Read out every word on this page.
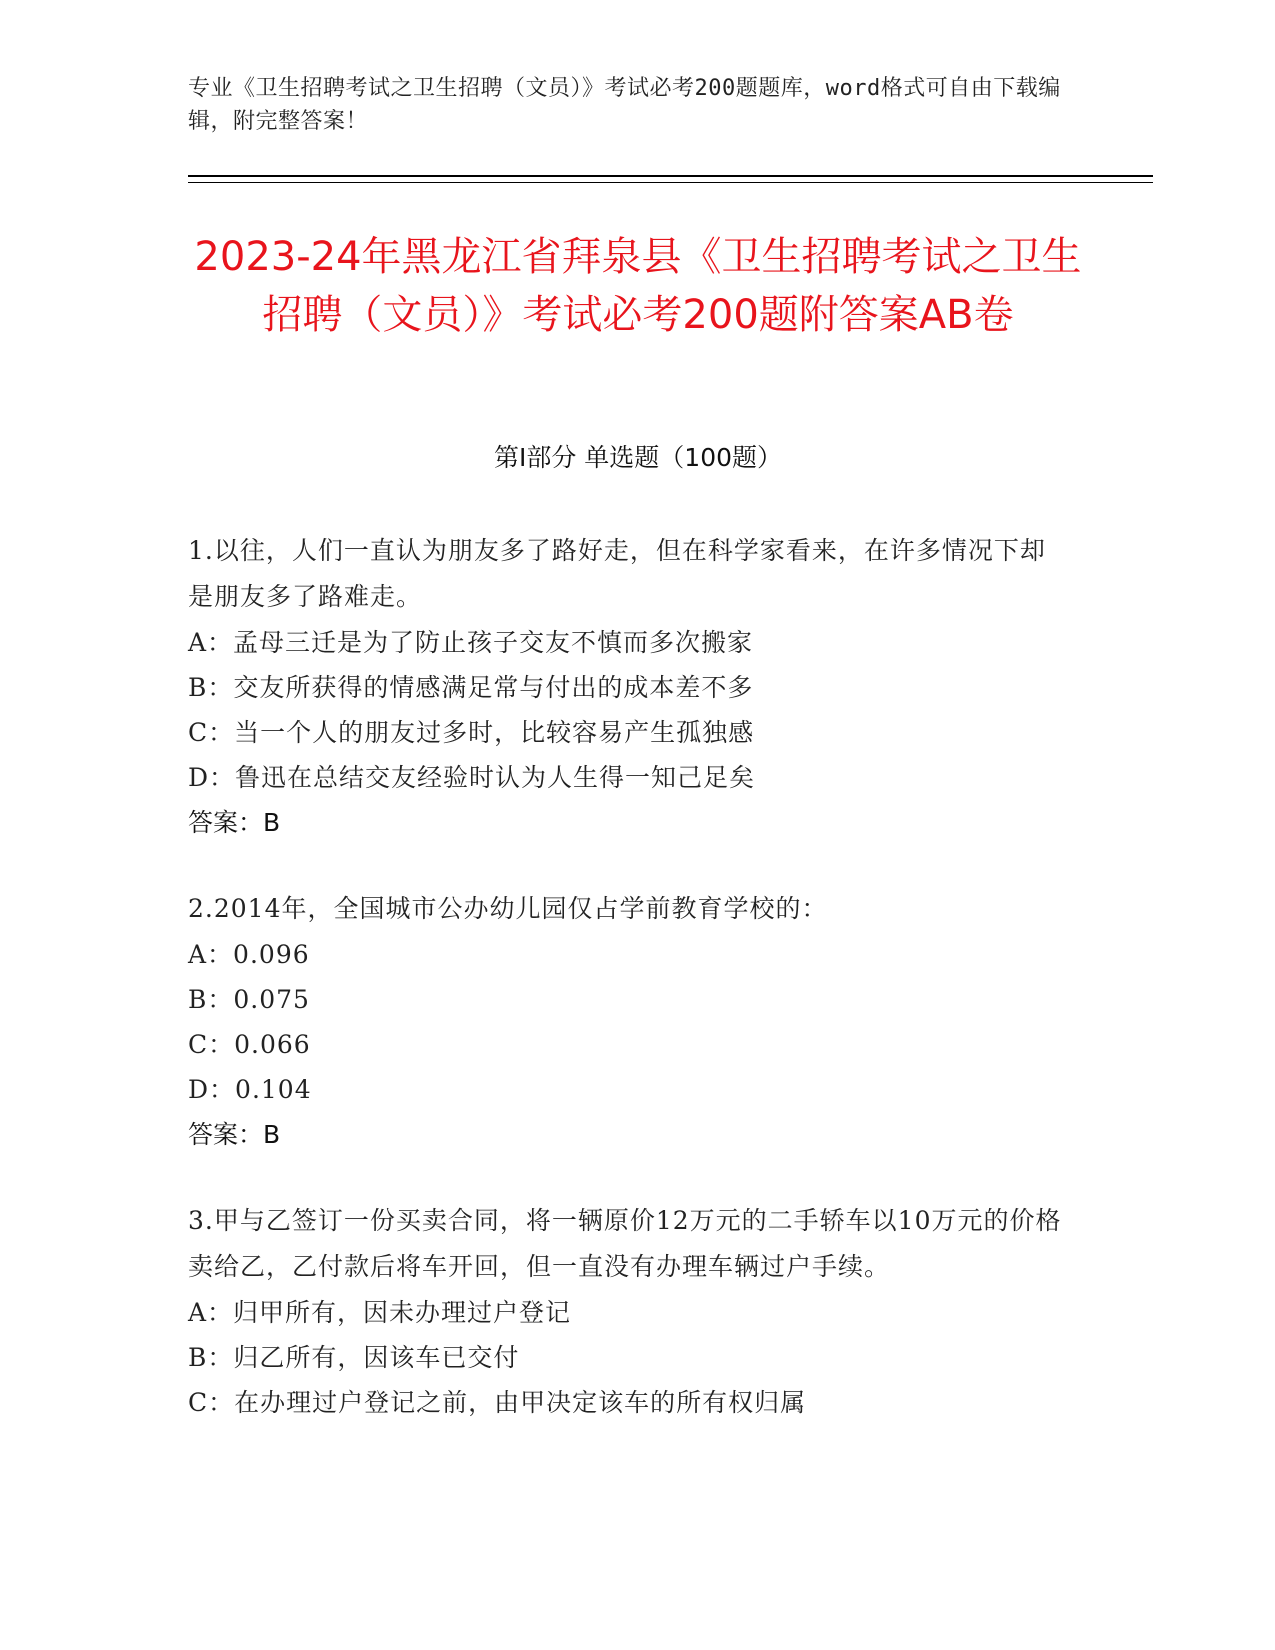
专业《卫生招聘考试之卫生招聘（文员）》考试必考200题题库，word格式可自由下载编辑，附完整答案！
2023-24年黑龙江省拜泉县《卫生招聘考试之卫生招聘（文员）》考试必考200题附答案AB卷
第Ⅰ部分 单选题（100题）
1.以往，人们一直认为朋友多了路好走，但在科学家看来，在许多情况下却是朋友多了路难走。
A：孟母三迁是为了防止孩子交友不慎而多次搬家
B：交友所获得的情感满足常与付出的成本差不多
C：当一个人的朋友过多时，比较容易产生孤独感
D：鲁迅在总结交友经验时认为人生得一知己足矣
答案：B
2.2014年，全国城市公办幼儿园仅占学前教育学校的：
A：0.096
B：0.075
C：0.066
D：0.104
答案：B
3.甲与乙签订一份买卖合同，将一辆原价12万元的二手轿车以10万元的价格卖给乙，乙付款后将车开回，但一直没有办理车辆过户手续。
A：归甲所有，因未办理过户登记
B：归乙所有，因该车已交付
C：在办理过户登记之前，由甲决定该车的所有权归属
